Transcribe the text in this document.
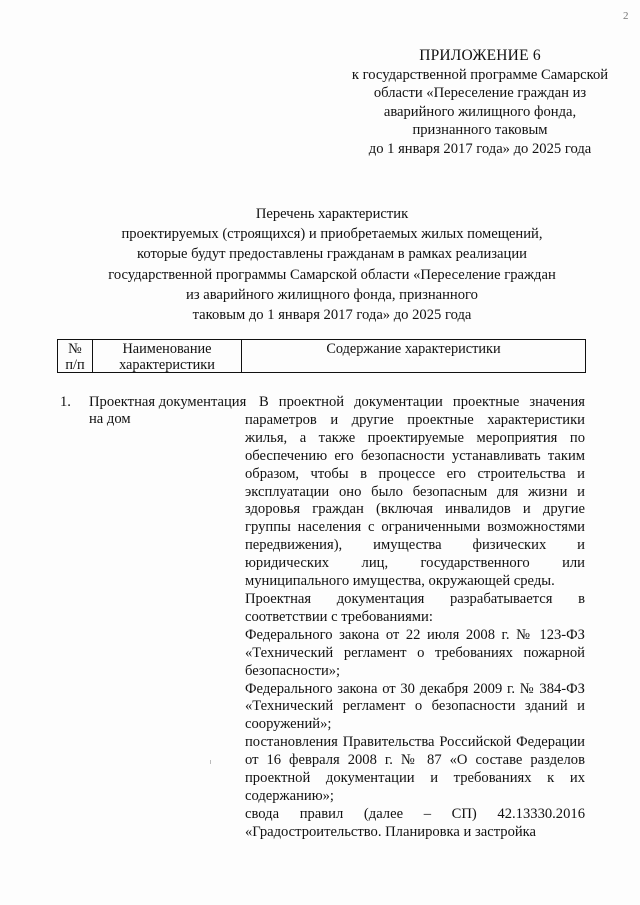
2
ПРИЛОЖЕНИЕ 6
к государственной программе Самарской
области «Переселение граждан из
аварийного жилищного фонда,
признанного таковым
до 1 января 2017 года» до 2025 года
Перечень характеристик
проектируемых (строящихся) и приобретаемых жилых помещений,
которые будут предоставлены гражданам в рамках реализации
государственной программы Самарской области «Переселение граждан
из аварийного жилищного фонда, признанного
таковым до 1 января 2017 года» до 2025 года
№
п/п
Наименование
характеристики
Содержание характеристики
1. Проектная документация на дом

В проектной документации проектные значения параметров и другие проектные характеристики жилья, а также проектируемые мероприятия по обеспечению его безопасности устанавливать таким образом, чтобы в процессе его строительства и эксплуатации оно было безопасным для жизни и здоровья граждан (включая инвалидов и другие группы населения с ограниченными возможностями передвижения), имущества физических и юридических лиц, государственного или муниципального имущества, окружающей среды.

Проектная документация разрабатывается в соответствии с требованиями:

Федерального закона от 22 июля 2008 г. № 123-ФЗ «Технический регламент о требованиях пожарной безопасности»;

Федерального закона от 30 декабря 2009 г. № 384-ФЗ «Технический регламент о безопасности зданий и сооружений»;

постановления Правительства Российской Федерации от 16 февраля 2008 г. № 87 «О составе разделов проектной документации и требованиях к их содержанию»;

свода правил (далее – СП) 42.13330.2016 «Градостроительство. Планировка и застройка
